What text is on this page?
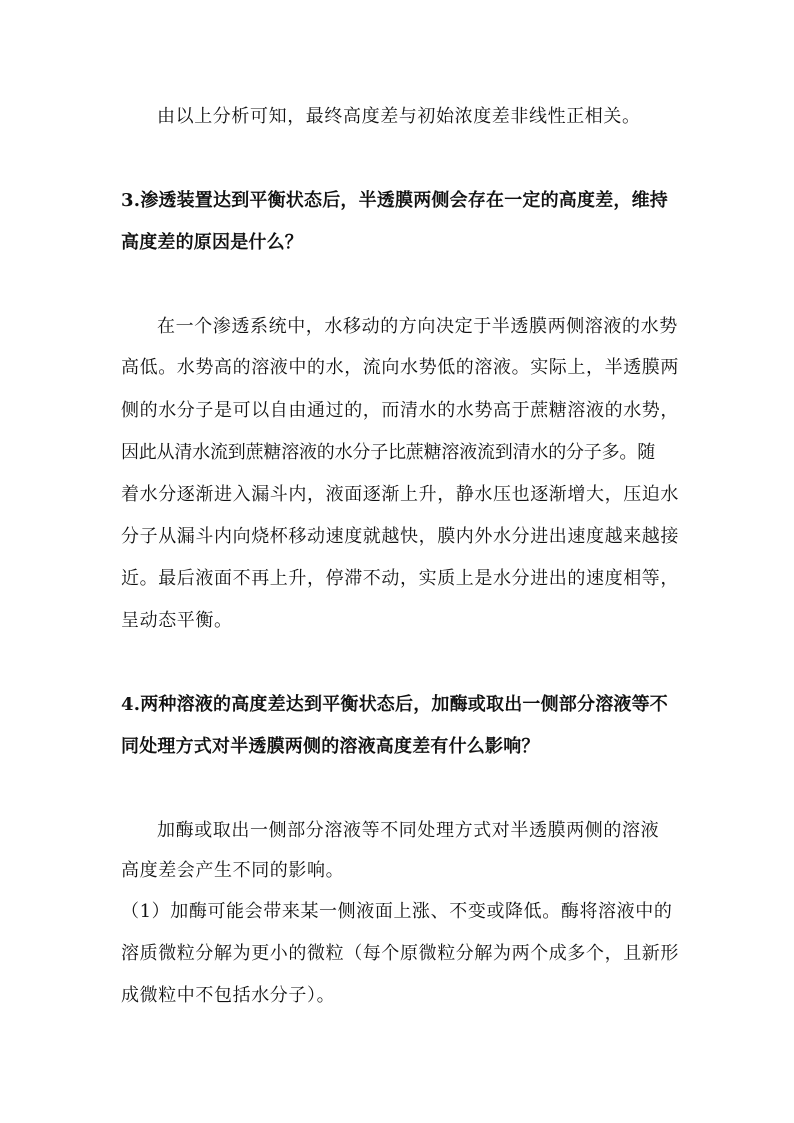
由以上分析可知，最终高度差与初始浓度差非线性正相关。
3.渗透装置达到平衡状态后，半透膜两侧会存在一定的高度差，维持
高度差的原因是什么？
在一个渗透系统中，水移动的方向决定于半透膜两侧溶液的水势
高低。水势高的溶液中的水，流向水势低的溶液。实际上，半透膜两
侧的水分子是可以自由通过的，而清水的水势高于蔗糖溶液的水势，
因此从清水流到蔗糖溶液的水分子比蔗糖溶液流到清水的分子多。随
着水分逐渐进入漏斗内，液面逐渐上升，静水压也逐渐增大，压迫水
分子从漏斗内向烧杯移动速度就越快，膜内外水分进出速度越来越接
近。最后液面不再上升，停滞不动，实质上是水分进出的速度相等，
呈动态平衡。
4.两种溶液的高度差达到平衡状态后，加酶或取出一侧部分溶液等不
同处理方式对半透膜两侧的溶液高度差有什么影响？
加酶或取出一侧部分溶液等不同处理方式对半透膜两侧的溶液
高度差会产生不同的影响。
（1）加酶可能会带来某一侧液面上涨、不变或降低。酶将溶液中的
溶质微粒分解为更小的微粒（每个原微粒分解为两个成多个，且新形
成微粒中不包括水分子）。
